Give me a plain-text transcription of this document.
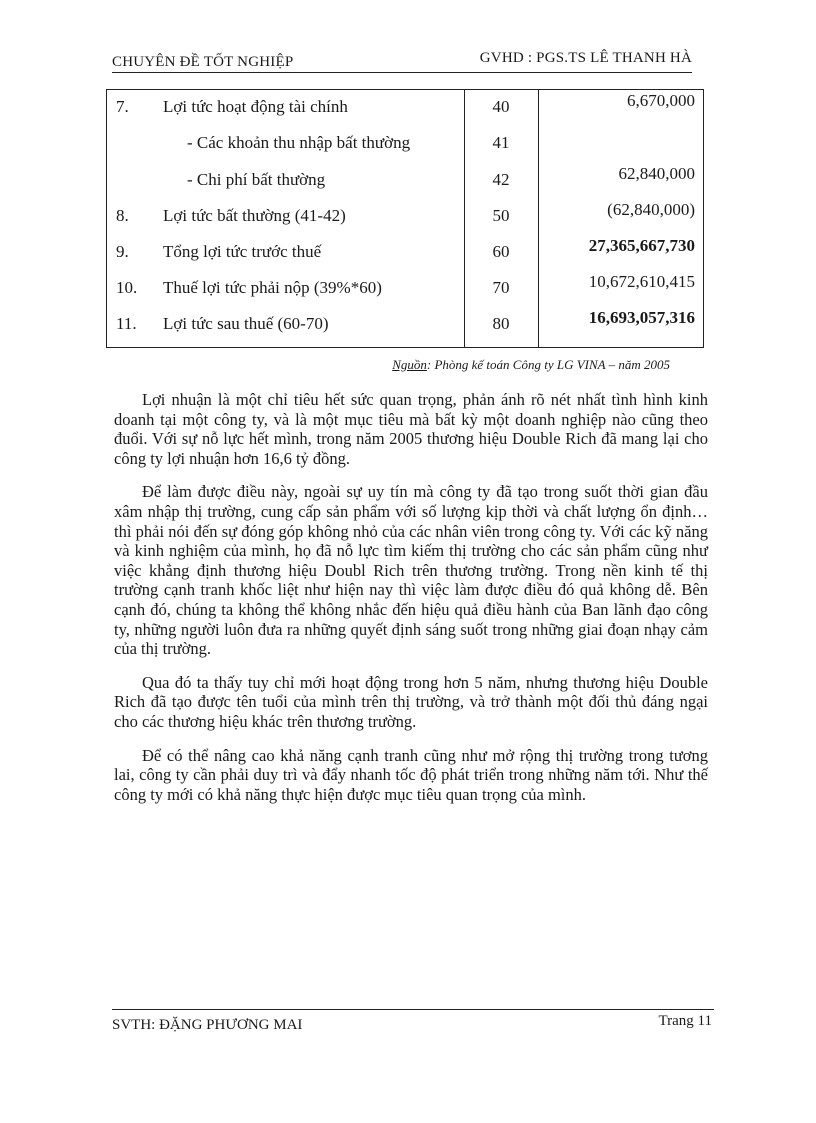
CHUYÊN ĐỀ TỐT NGHIỆP	GVHD : PGS.TS LÊ THANH HÀ
7. Lợi tức hoạt động tài chính	40	6,670,000
- Các khoản thu nhập bất thường	41
- Chi phí bất thường	42	62,840,000
8. Lợi tức bất thường (41-42)	50	(62,840,000)
9. Tổng lợi tức trước thuế	60	27,365,667,730
10. Thuế lợi tức phải nộp (39%*60)	70	10,672,610,415
11. Lợi tức sau thuế (60-70)	80	16,693,057,316
Nguồn: Phòng kế toán Công ty LG VINA – năm 2005

Lợi nhuận là một chỉ tiêu hết sức quan trọng, phản ánh rõ nét nhất tình hình kinh doanh tại một công ty, và là một mục tiêu mà bất kỳ một doanh nghiệp nào cũng theo đuổi. Với sự nỗ lực hết mình, trong năm 2005 thương hiệu Double Rich đã mang lại cho công ty lợi nhuận hơn 16,6 tỷ đồng.

Để làm được điều này, ngoài sự uy tín mà công ty đã tạo trong suốt thời gian đầu xâm nhập thị trường, cung cấp sản phẩm với số lượng kịp thời và chất lượng ổn định… thì phải nói đến sự đóng góp không nhỏ của các nhân viên trong công ty. Với các kỹ năng và kinh nghiệm của mình, họ đã nỗ lực tìm kiếm thị trường cho các sản phẩm cũng như việc khẳng định thương hiệu Doubl Rich trên thương trường. Trong nền kinh tế thị trường cạnh tranh khốc liệt như hiện nay thì việc làm được điều đó quả không dễ. Bên cạnh đó, chúng ta không thể không nhắc đến hiệu quả điều hành của Ban lãnh đạo công ty, những người luôn đưa ra những quyết định sáng suốt trong những giai đoạn nhạy cảm của thị trường.

Qua đó ta thấy tuy chỉ mới hoạt động trong hơn 5 năm, nhưng thương hiệu Double Rich đã tạo được tên tuổi của mình trên thị trường, và trở thành một đối thủ đáng ngại cho các thương hiệu khác trên thương trường.

Để có thể nâng cao khả năng cạnh tranh cũng như mở rộng thị trường trong tương lai, công ty cần phải duy trì và đẩy nhanh tốc độ phát triển trong những năm tới. Như thế công ty mới có khả năng thực hiện được mục tiêu quan trọng của mình.

SVTH: ĐẶNG PHƯƠNG MAI	Trang 11
